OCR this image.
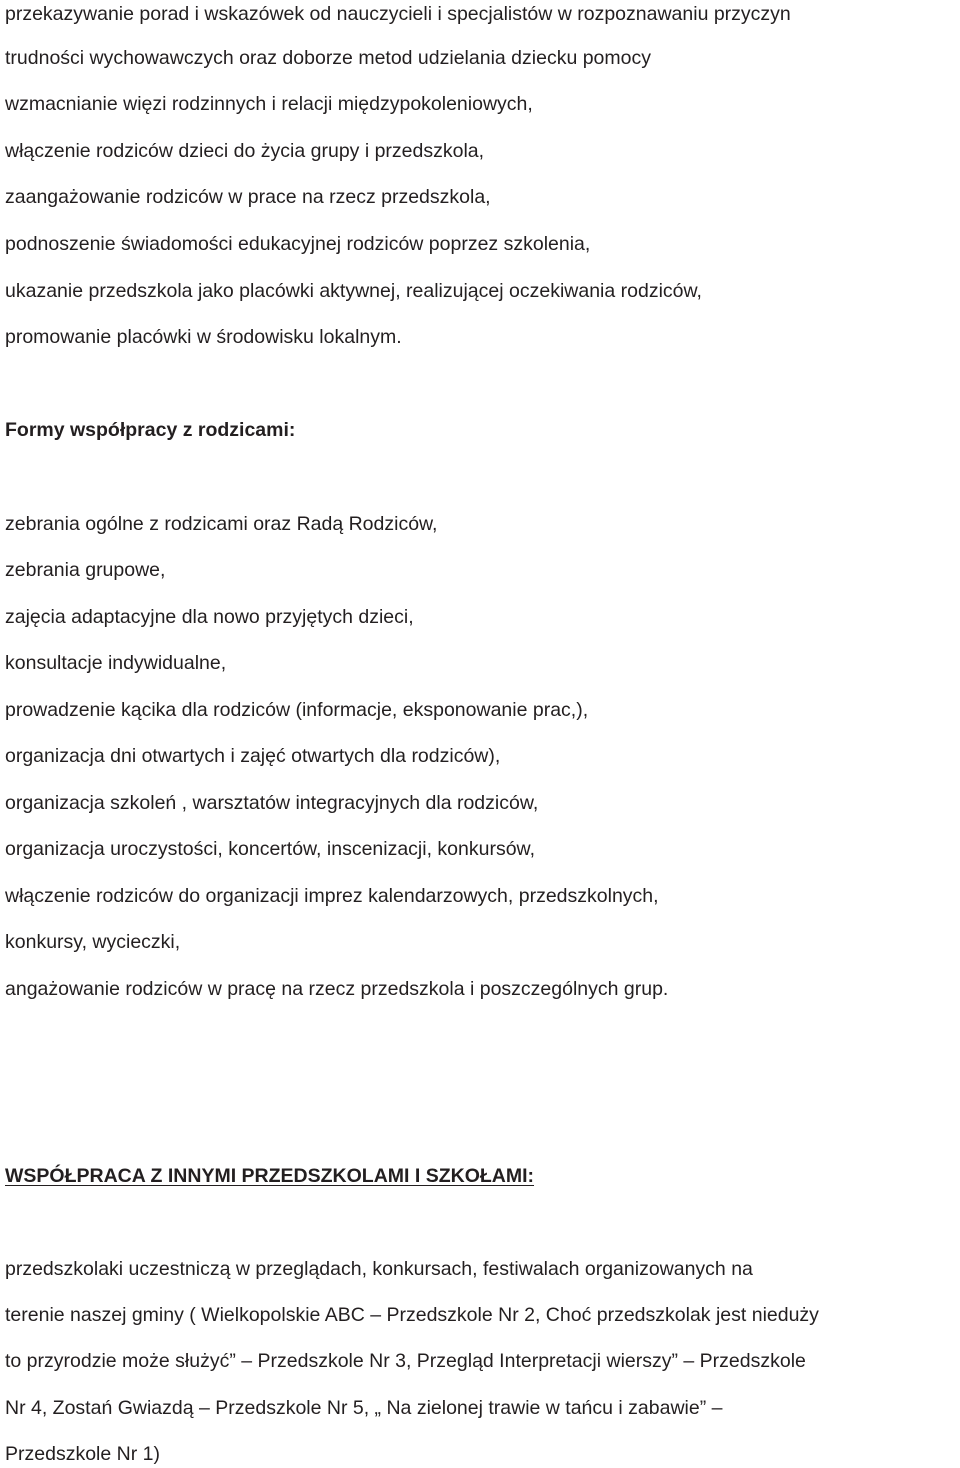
przekazywanie porad i wskazówek od nauczycieli i specjalistów w rozpoznawaniu przyczyn
trudności wychowawczych oraz doborze metod udzielania dziecku pomocy
wzmacnianie więzi rodzinnych i relacji międzypokoleniowych,
włączenie rodziców dzieci do życia grupy i przedszkola,
zaangażowanie rodziców w prace na rzecz przedszkola,
podnoszenie świadomości edukacyjnej rodziców poprzez szkolenia,
ukazanie przedszkola jako placówki aktywnej, realizującej oczekiwania rodziców,
promowanie placówki w środowisku lokalnym.
Formy współpracy z rodzicami:
zebrania ogólne z rodzicami oraz Radą Rodziców,
zebrania grupowe,
zajęcia adaptacyjne dla nowo przyjętych dzieci,
konsultacje indywidualne,
prowadzenie kącika dla rodziców (informacje, eksponowanie prac,),
organizacja dni otwartych i zajęć otwartych dla rodziców),
organizacja szkoleń , warsztatów integracyjnych dla rodziców,
organizacja uroczystości, koncertów, inscenizacji, konkursów,
włączenie rodziców do organizacji imprez kalendarzowych, przedszkolnych,
konkursy, wycieczki,
angażowanie rodziców w pracę na rzecz przedszkola i poszczególnych grup.
WSPÓŁPRACA Z INNYMI PRZEDSZKOLAMI I SZKOŁAMI:
przedszkolaki uczestniczą w przeglądach, konkursach, festiwalach organizowanych na
terenie naszej gminy ( Wielkopolskie ABC – Przedszkole Nr 2, Choć przedszkolak jest nieduży
to przyrodzie może służyć” – Przedszkole Nr 3, Przegląd Interpretacji wierszy” – Przedszkole
Nr 4, Zostań Gwiazdą – Przedszkole Nr 5, „ Na zielonej trawie w tańcu i zabawie” –
Przedszkole Nr 1)
